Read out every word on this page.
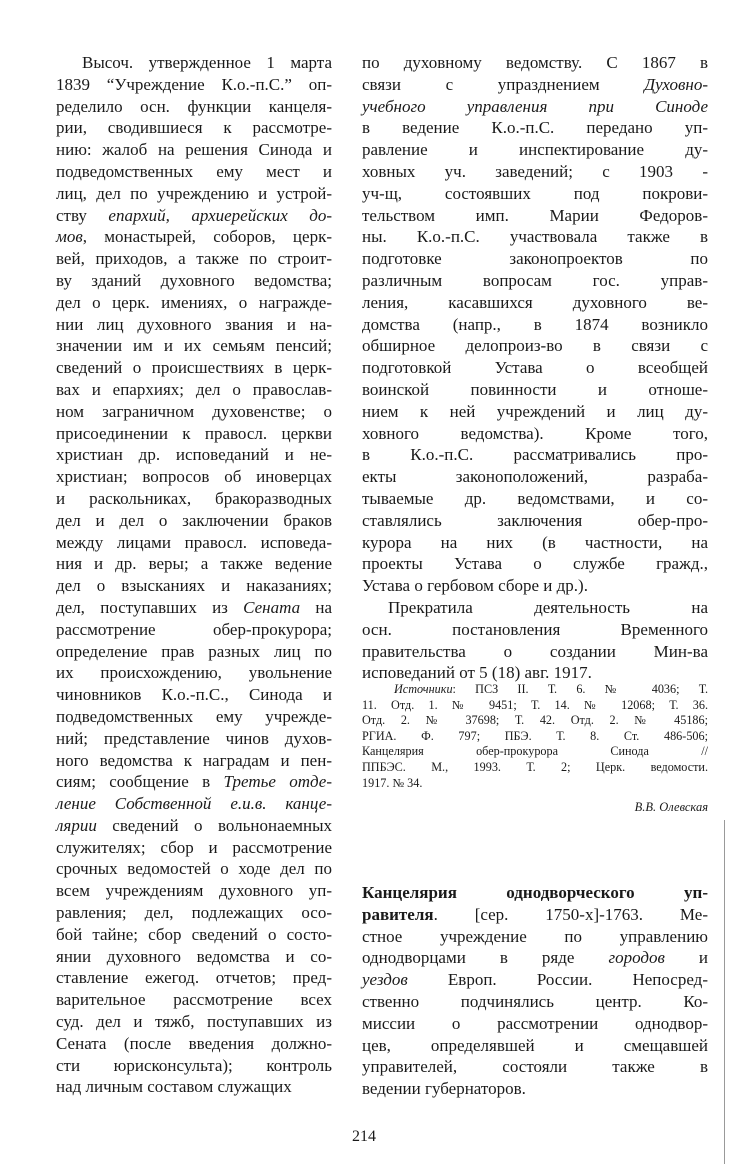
Высоч. утвержденное 1 марта
1839 “Учреждение К.о.-п.С.” оп-
ределило осн. функции канцеля-
рии, сводившиеся к рассмотре-
нию: жалоб на решения Синода и
подведомственных ему мест и
лиц, дел по учреждению и устрой-
ству епархий, архиерейских до-
мов, монастырей, соборов, церк-
вей, приходов, а также по строит-
ву зданий духовного ведомства;
дел о церк. имениях, о награжде-
нии лиц духовного звания и на-
значении им и их семьям пенсий;
сведений о происшествиях в церк-
вах и епархиях; дел о православ-
ном заграничном духовенстве; о
присоединении к правосл. церкви
христиан др. исповеданий и не-
христиан; вопросов об иноверцах
и раскольниках, бракоразводных
дел и дел о заключении браков
между лицами правосл. исповеда-
ния и др. веры; а также ведение
дел о взысканиях и наказаниях;
дел, поступавших из Сената на
рассмотрение обер-прокурора;
определение прав разных лиц по
их происхождению, увольнение
чиновников К.о.-п.С., Синода и
подведомственных ему учрежде-
ний; представление чинов духов-
ного ведомства к наградам и пен-
сиям; сообщение в Третье отде-
ление Собственной е.и.в. канце-
лярии сведений о вольнонаемных
служителях; сбор и рассмотрение
срочных ведомостей о ходе дел по
всем учреждениям духовного уп-
равления; дел, подлежащих осо-
бой тайне; сбор сведений о состо-
янии духовного ведомства и со-
ставление ежегод. отчетов; пред-
варительное рассмотрение всех
суд. дел и тяжб, поступавших из
Сената (после введения должно-
сти юрисконсульта); контроль
над личным составом служащих
по духовному ведомству. С 1867 в
связи с упразднением Духовно-
учебного управления при Синоде
в ведение К.о.-п.С. передано уп-
равление и инспектирование ду-
ховных уч. заведений; с 1903 -
уч-щ, состоявших под покрови-
тельством имп. Марии Федоров-
ны. К.о.-п.С. участвовала также в
подготовке законопроектов по
различным вопросам гос. управ-
ления, касавшихся духовного ве-
домства (напр., в 1874 возникло
обширное делопроиз-во в связи с
подготовкой Устава о всеобщей
воинской повинности и отноше-
нием к ней учреждений и лиц ду-
ховного ведомства). Кроме того,
в К.о.-п.С. рассматривались про-
екты законоположений, разраба-
тываемые др. ведомствами, и со-
ставлялись заключения обер-про-
курора на них (в частности, на
проекты Устава о службе гражд.,
Устава о гербовом сборе и др.).
Прекратила деятельность на
осн. постановления Временного
правительства о создании Мин-ва
исповеданий от 5 (18) авг. 1917.
Источники: ПСЗ II. Т. 6. № 4036; Т.
11. Отд. 1. № 9451; Т. 14. № 12068; Т. 36.
Отд. 2. № 37698; Т. 42. Отд. 2. № 45186;
РГИА. Ф. 797; ПБЭ. Т. 8. Ст. 486-506;
Канцелярия обер-прокурора Синода //
ППБЭС. М., 1993. Т. 2; Церк. ведомости.
1917. № 34.
В.В. Олевская
Канцелярия однодворческого уп-
равителя. [сер. 1750-х]-1763. Ме-
стное учреждение по управлению
однодворцами в ряде городов и
уездов Европ. России. Непосред-
ственно подчинялись центр. Ко-
миссии о рассмотрении однодвор-
цев, определявшей и смещавшей
управителей, состояли также в
ведении губернаторов.
214
